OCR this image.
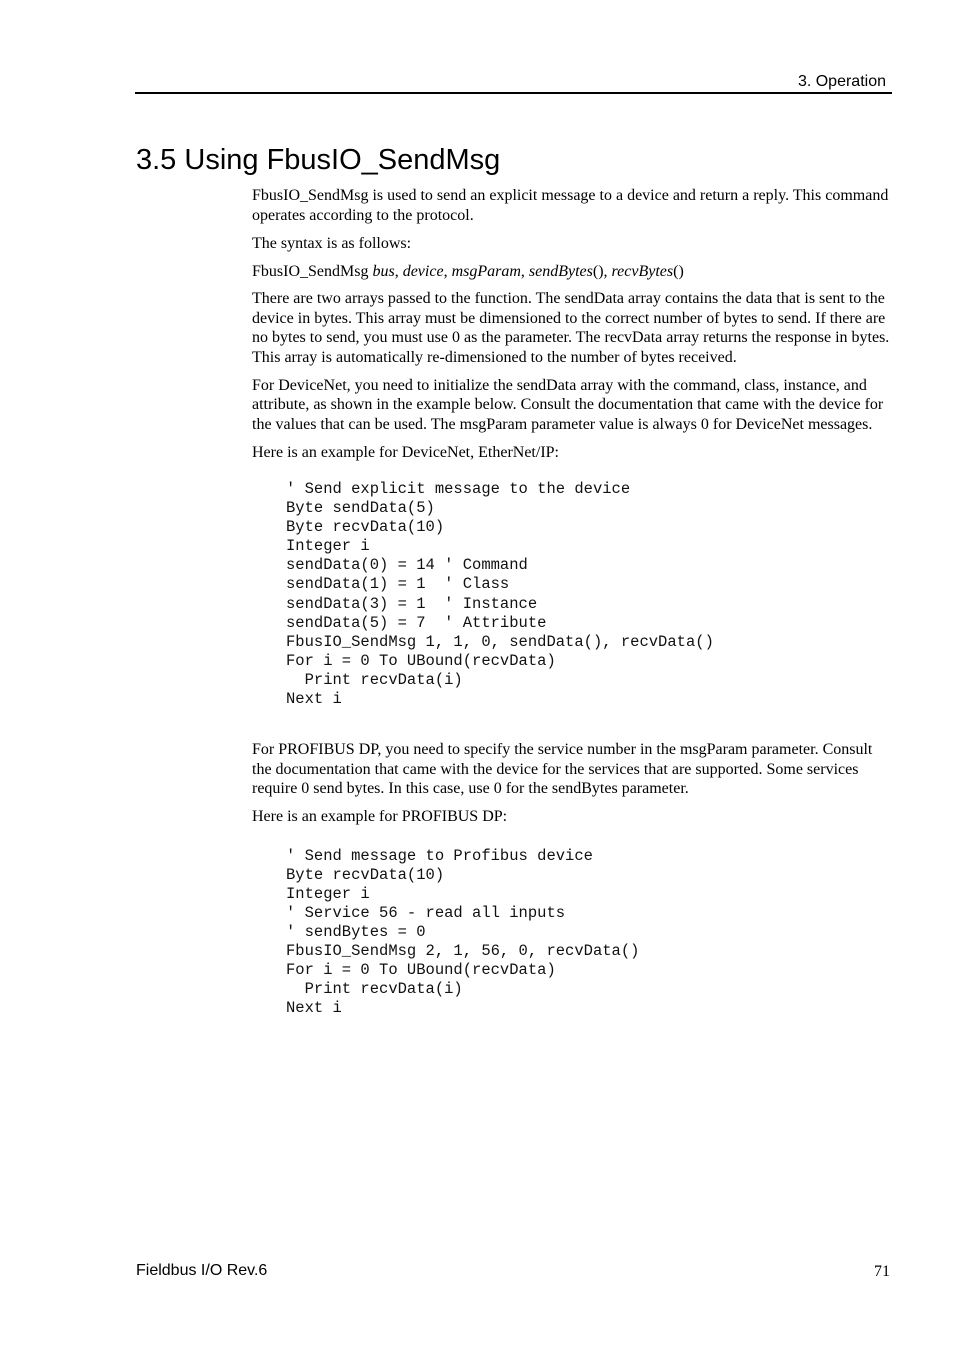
3. Operation
3.5 Using FbusIO_SendMsg

FbusIO_SendMsg is used to send an explicit message to a device and return a reply. This command operates according to the protocol.

The syntax is as follows:

FbusIO_SendMsg bus, device, msgParam, sendBytes(), recvBytes()

There are two arrays passed to the function. The sendData array contains the data that is sent to the device in bytes. This array must be dimensioned to the correct number of bytes to send. If there are no bytes to send, you must use 0 as the parameter. The recvData array returns the response in bytes. This array is automatically re-dimensioned to the number of bytes received.

For DeviceNet, you need to initialize the sendData array with the command, class, instance, and attribute, as shown in the example below. Consult the documentation that came with the device for the values that can be used. The msgParam parameter value is always 0 for DeviceNet messages.

Here is an example for DeviceNet, EtherNet/IP:

' Send explicit message to the device
Byte sendData(5)
Byte recvData(10)
Integer i
sendData(0) = 14 ' Command
sendData(1) = 1  ' Class
sendData(3) = 1  ' Instance
sendData(5) = 7  ' Attribute
FbusIO_SendMsg 1, 1, 0, sendData(), recvData()
For i = 0 To UBound(recvData)
Print recvData(i)
Next i

For PROFIBUS DP, you need to specify the service number in the msgParam parameter. Consult the documentation that came with the device for the services that are supported. Some services require 0 send bytes. In this case, use 0 for the sendBytes parameter.

Here is an example for PROFIBUS DP:

' Send message to Profibus device
Byte recvData(10)
Integer i
' Service 56 - read all inputs
' sendBytes = 0
FbusIO_SendMsg 2, 1, 56, 0, recvData()
For i = 0 To UBound(recvData)
Print recvData(i)
Next i
Fieldbus I/O Rev.6	71
